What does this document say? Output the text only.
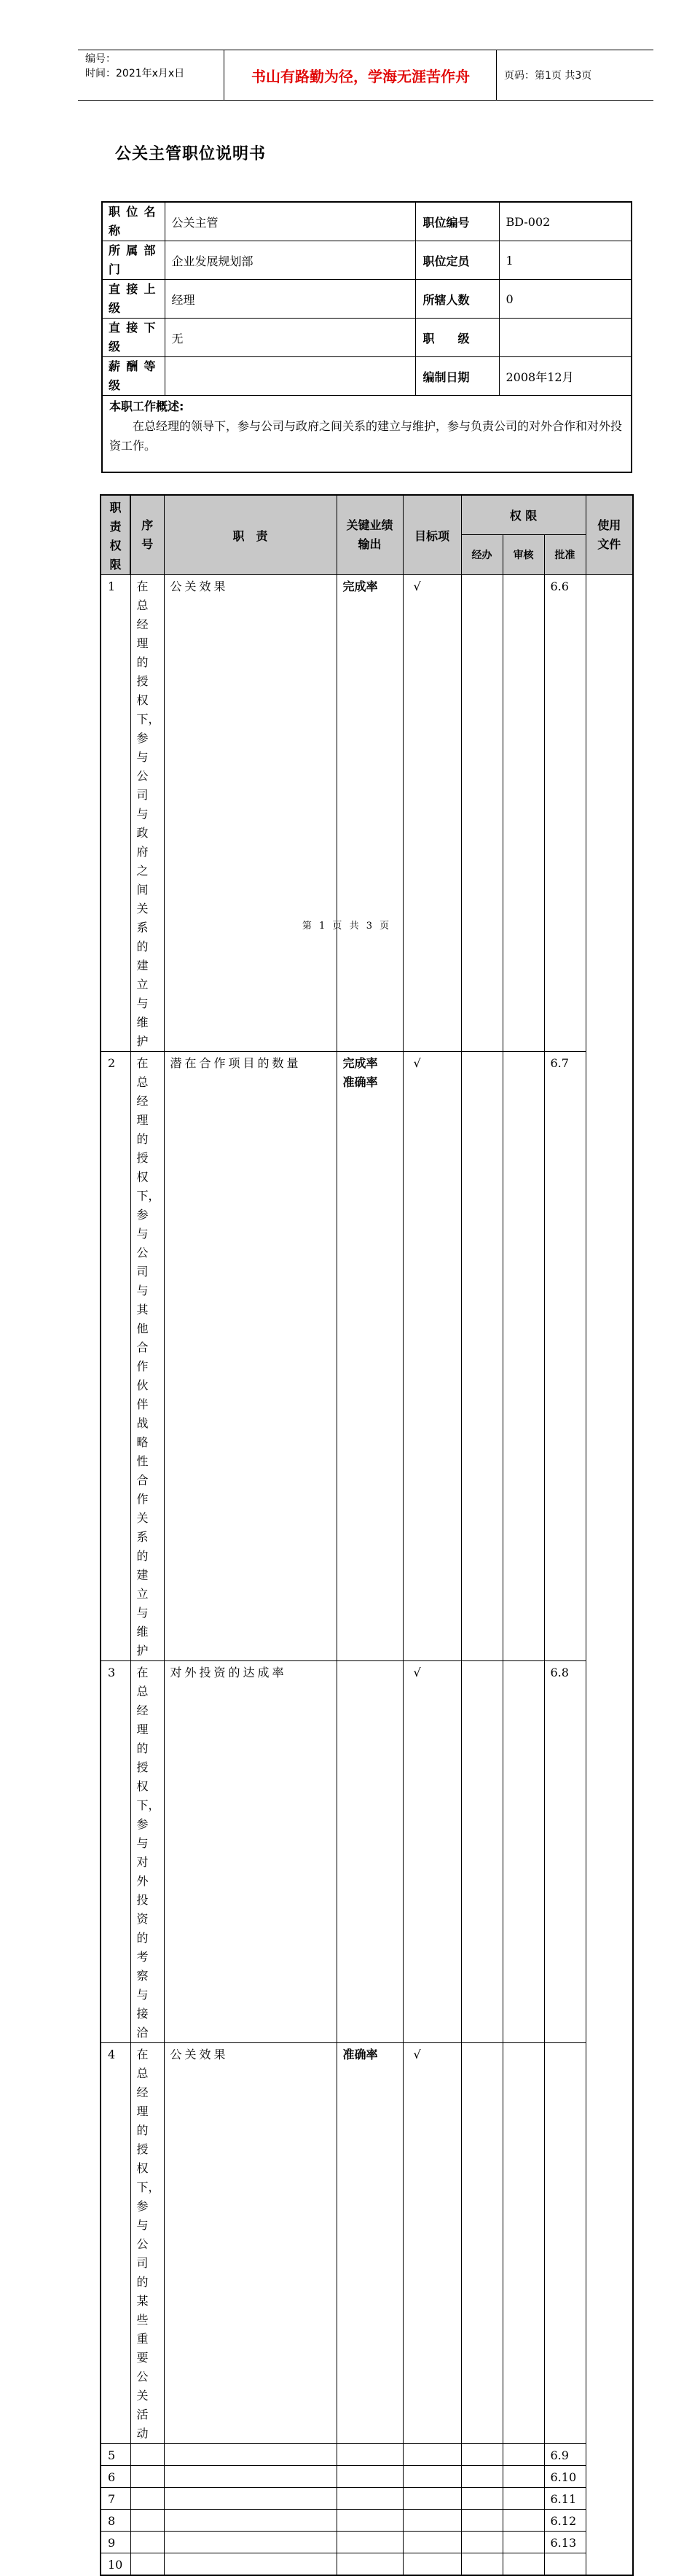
编号：
时间：2021年x月x日	书山有路勤为径，学海无涯苦作舟	页码：第1页 共3页
公关主管职位说明书
职位名称	公关主管	职位编号	BD-002
所属部门	企业发展规划部	职位定员	1
直接上级	经理	所辖人数	0
直接下级	无	职　　级	
薪酬等级		编制日期	2008年12月

本职工作概述:
在总经理的领导下，参与公司与政府之间关系的建立与维护，参与负责公司的对外合作和对外投资工作。			
职责权限	序号	职　责	关键业绩输出	目标项	权 限			使用文件

					经办	审核	批准	
1	在总经理的授权下，参与公司与政府之间关系的建立与维护	公关效果	完成率	√			6.6	
2	在总经理的授权下，参与公司与其他合作伙伴战略性合作关系的建立与维护	潜在合作项目的数量	完成率
准确率	√			6.7	
3	在总经理的授权下，参与对外投资的考察与接洽	对外投资的达成率		√			6.8	
4	在总经理的授权下，参与公司的某些重要公关活动	公关效果	准确率	√				
5							6.9	
6							6.10	
7							6.11	
8							6.12	
9							6.13	
10								
第 1 页 共 3 页
